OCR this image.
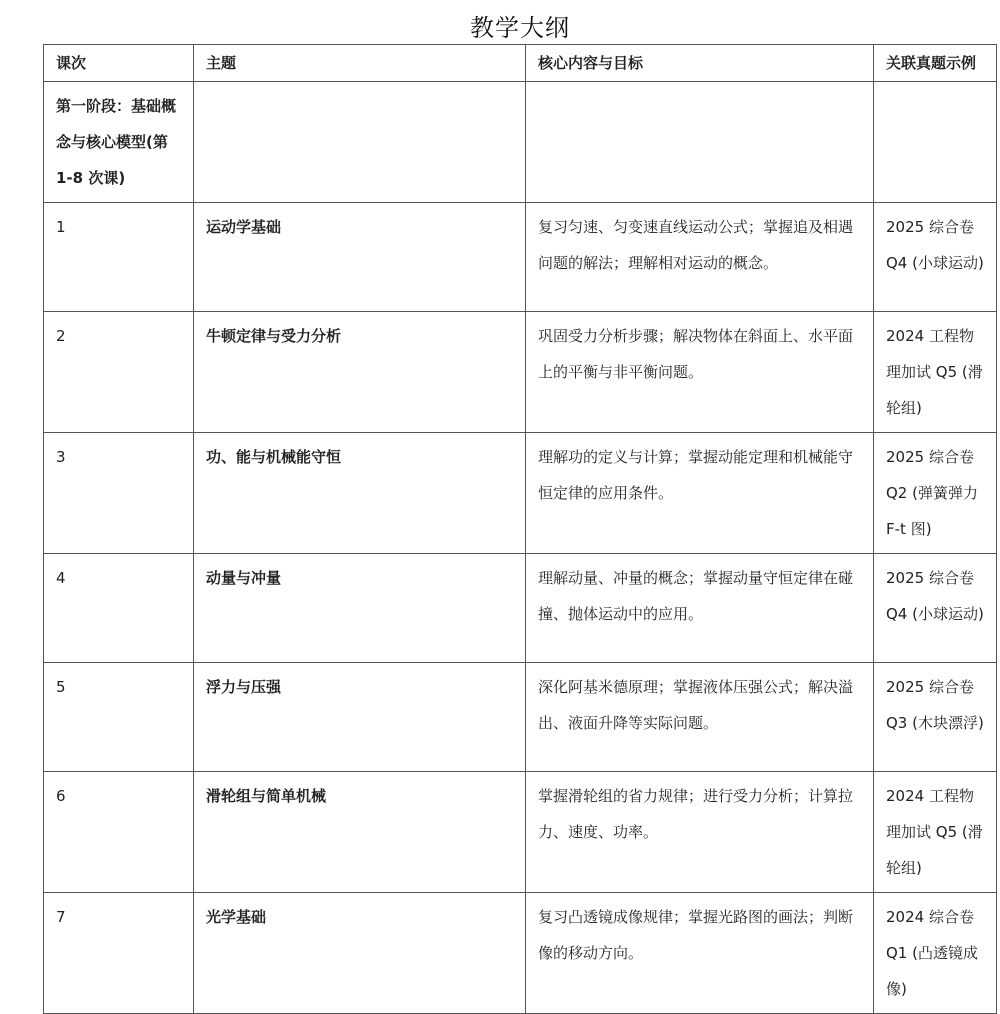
教学大纲
课次	主题	核心内容与目标	关联真题示例
第一阶段：基础概念与核心模型(第 1-8 次课)			
1	运动学基础	复习匀速、匀变速直线运动公式；掌握追及相遇问题的解法；理解相对运动的概念。	2025 综合卷 Q4 (小球运动)
2	牛顿定律与受力分析	巩固受力分析步骤；解决物体在斜面上、水平面上的平衡与非平衡问题。	2024 工程物理加试 Q5 (滑轮组)
3	功、能与机械能守恒	理解功的定义与计算；掌握动能定理和机械能守恒定律的应用条件。	2025 综合卷 Q2 (弹簧弹力 F-t 图)
4	动量与冲量	理解动量、冲量的概念；掌握动量守恒定律在碰撞、抛体运动中的应用。	2025 综合卷 Q4 (小球运动)
5	浮力与压强	深化阿基米德原理；掌握液体压强公式；解决溢出、液面升降等实际问题。	2025 综合卷 Q3 (木块漂浮)
6	滑轮组与简单机械	掌握滑轮组的省力规律；进行受力分析；计算拉力、速度、功率。	2024 工程物理加试 Q5 (滑轮组)
7	光学基础	复习凸透镜成像规律；掌握光路图的画法；判断像的移动方向。	2024 综合卷 Q1 (凸透镜成像)
